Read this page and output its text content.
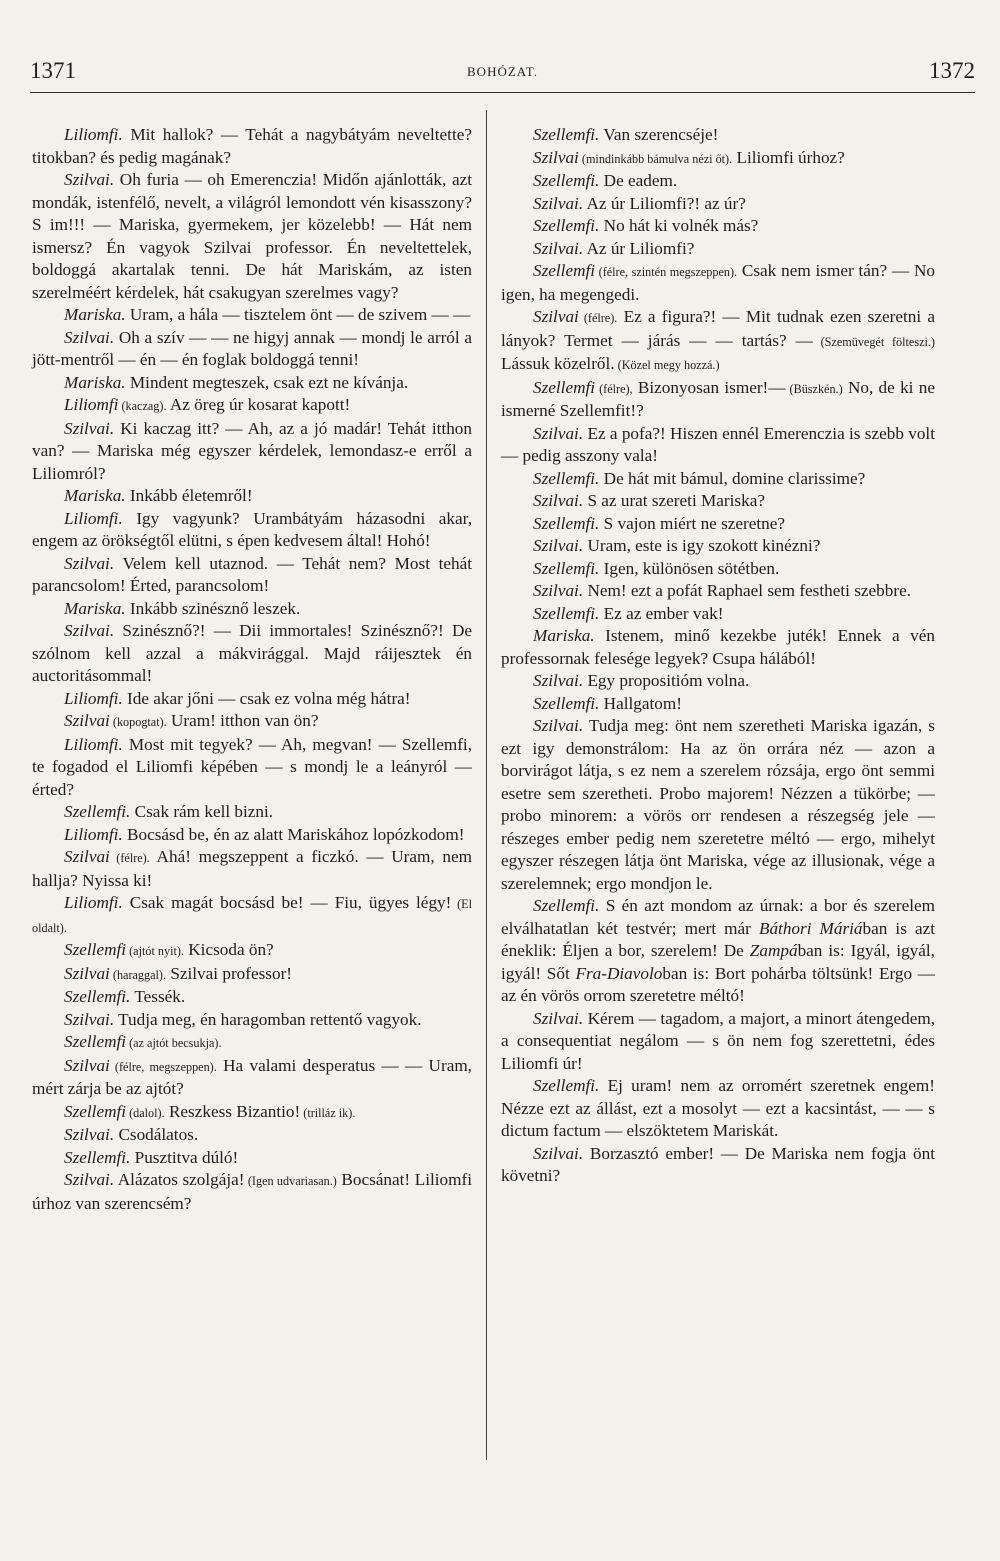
1371	BOHÓZAT.	1372

Liliomfi. Mit hallok? — Tehát a nagybátyám neveltette? titokban? és pedig magának?

Szilvai. Oh furia — oh Emerenczia! Midőn ajánlották, azt mondák, istenfélő, nevelt, a világról lemondott vén kisasszony? S im!!! — Mariska, gyermekem, jer közelebb! — Hát nem ismersz? Én vagyok Szilvai professor. Én neveltettelek, boldoggá akartalak tenni. De hát Mariskám, az isten szerelméért kérdelek, hát csakugyan szerelmes vagy?

Mariska. Uram, a hála — tisztelem önt — de szivem — —

Szilvai. Oh a szív — — ne higyj annak — mondj le arról a jött-mentről — én — én foglak boldoggá tenni!

Mariska. Mindent megteszek, csak ezt ne kívánja.

Liliomfi (kaczag). Az öreg úr kosarat kapott!

Szilvai. Ki kaczag itt? — Ah, az a jó madár! Tehát itthon van? — Mariska még egyszer kérdelek, lemondasz-e erről a Liliomról?

Mariska. Inkább életemről!

Liliomfi. Igy vagyunk? Urambátyám házasodni akar, engem az örökségtől elütni, s épen kedvesem által! Hohó!

Szilvai. Velem kell utaznod. — Tehát nem? Most tehát parancsolom! Érted, parancsolom!

Mariska. Inkább szinésznő leszek.

Szilvai. Szinésznő?! — Dii immortales! Szinésznő?! De szólnom kell azzal a mákvirággal. Majd ráijesztek én auctoritásommal!

Liliomfi. Ide akar jőni — csak ez volna még hátra!

Szilvai (kopogtat). Uram! itthon van ön?

Liliomfi. Most mit tegyek? — Ah, megvan! — Szellemfi, te fogadod el Liliomfi képében — s mondj le a leányról — érted?

Szellemfi. Csak rám kell bizni.

Liliomfi. Bocsásd be, én az alatt Mariskához lopózkodom!

Szilvai (félre). Ahá! megszeppent a ficzkó. — Uram, nem hallja? Nyissa ki!

Liliomfi. Csak magát bocsásd be! — Fiu, ügyes légy! (El oldalt).

Szellemfi (ajtót nyit). Kicsoda ön?

Szilvai (haraggal). Szilvai professor!

Szellemfi. Tessék.

Szilvai. Tudja meg, én haragomban rettentő vagyok.

Szellemfi (az ajtót becsukja).

Szilvai (félre, megszeppen). Ha valami desperatus — — Uram, mért zárja be az ajtót?

Szellemfi (dalol). Reszkess Bizantio! (trilláz ik).

Szilvai. Csodálatos.

Szellemfi. Pusztitva dúló!

Szilvai. Alázatos szolgája! (Igen udvariasan.) Bocsánat! Liliomfi úrhoz van szerencsém?

Szellemfi. Van szerencséje!

Szilvai (mindinkább bámulva nézi őt). Liliomfi úrhoz?

Szellemfi. De eadem.

Szilvai. Az úr Liliomfi?! az úr?

Szellemfi. No hát ki volnék más?

Szilvai. Az úr Liliomfi?

Szellemfi (félre, szintén megszeppen). Csak nem ismer tán? — No igen, ha megengedi.

Szilvai (félre). Ez a figura?! — Mit tudnak ezen szeretni a lányok? Termet — járás — — tartás? — (Szemüvegét fölteszi.) Lássuk közelről. (Közel megy hozzá.)

Szellemfi (félre), Bizonyosan ismer!— (Büszkén.) No, de ki ne ismerné Szellemfit!?

Szilvai. Ez a pofa?! Hiszen ennél Emerenczia is szebb volt — pedig asszony vala!

Szellemfi. De hát mit bámul, domine clarissime?

Szilvai. S az urat szereti Mariska?

Szellemfi. S vajon miért ne szeretne?

Szilvai. Uram, este is igy szokott kinézni?

Szellemfi. Igen, különösen sötétben.

Szilvai. Nem! ezt a pofát Raphael sem festheti szebbre.

Szellemfi. Ez az ember vak!

Mariska. Istenem, minő kezekbe juték! Ennek a vén professornak felesége legyek? Csupa hálából!

Szilvai. Egy propositióm volna.

Szellemfi. Hallgatom!

Szilvai. Tudja meg: önt nem szeretheti Mariska igazán, s ezt igy demonstrálom: Ha az ön orrára néz — azon a borvirágot látja, s ez nem a szerelem rózsája, ergo önt semmi esetre sem szeretheti. Probo majorem! Nézzen a tükörbe; — probo minorem: a vörös orr rendesen a részegség jele — részeges ember pedig nem szeretetre méltó — ergo, mihelyt egyszer részegen látja önt Mariska, vége az illusionak, vége a szerelemnek; ergo mondjon le.

Szellemfi. S én azt mondom az úrnak: a bor és szerelem elválhatatlan két testvér; mert már Báthori Máriában is azt éneklik: Éljen a bor, szerelem! De Zampában is: Igyál, igyál, igyál! Sőt Fra-Diavoloban is: Bort pohárba töltsünk! Ergo — az én vörös orrom szeretetre méltó!

Szilvai. Kérem — tagadom, a majort, a minort átengedem, a consequentiat negálom — s ön nem fog szerettetni, édes Liliomfi úr!

Szellemfi. Ej uram! nem az orromért szeretnek engem! Nézze ezt az állást, ezt a mosolyt — ezt a kacsintást, — — s dictum factum — elszöktetem Mariskát.

Szilvai. Borzasztó ember! — De Mariska nem fogja önt követni?
